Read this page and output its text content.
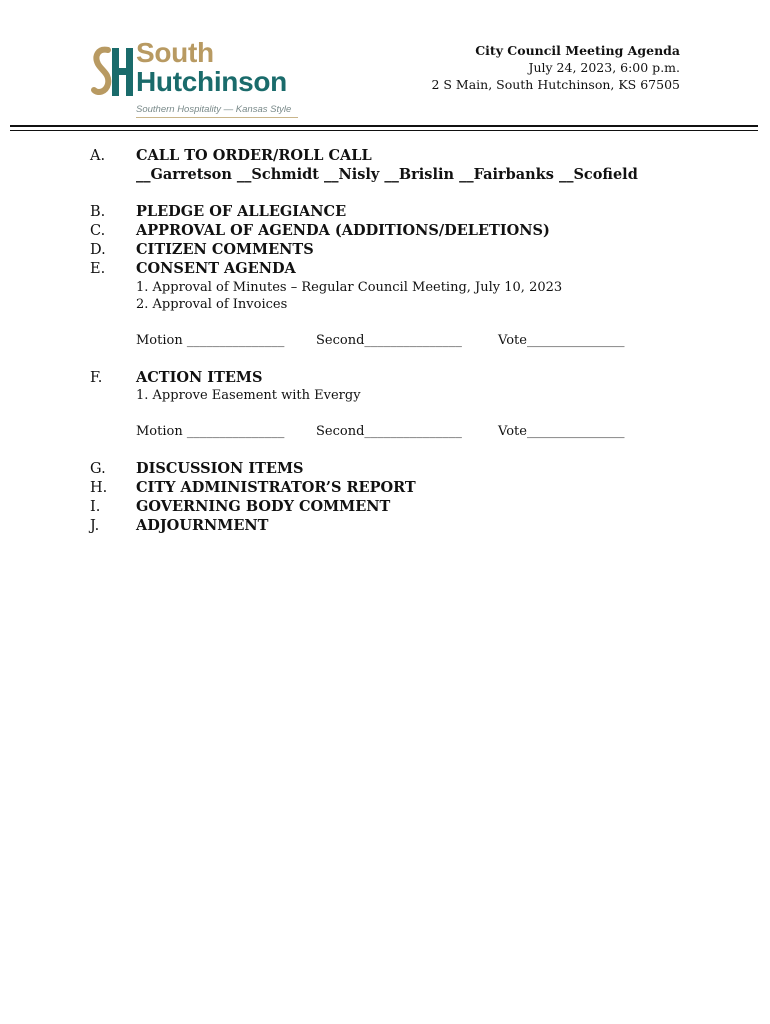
South
Hutchinson
Southern Hospitality — Kansas Style
City Council Meeting Agenda
July 24, 2023, 6:00 p.m.
2 S Main, South Hutchinson, KS 67505
A. CALL TO ORDER/ROLL CALL
__Garretson __Schmidt __Nisly __Brislin __Fairbanks __Scofield
B. PLEDGE OF ALLEGIANCE
C. APPROVAL OF AGENDA (ADDITIONS/DELETIONS)
D. CITIZEN COMMENTS
E. CONSENT AGENDA
1. Approval of Minutes – Regular Council Meeting, July 10, 2023
2. Approval of Invoices
Motion _______________ Second_______________	Vote_______________
F. ACTION ITEMS
1. Approve Easement with Evergy
Motion _______________ Second_______________	Vote_______________
G. DISCUSSION ITEMS
H. CITY ADMINISTRATOR’S REPORT
I. GOVERNING BODY COMMENT
J.	ADJOURNMENT
